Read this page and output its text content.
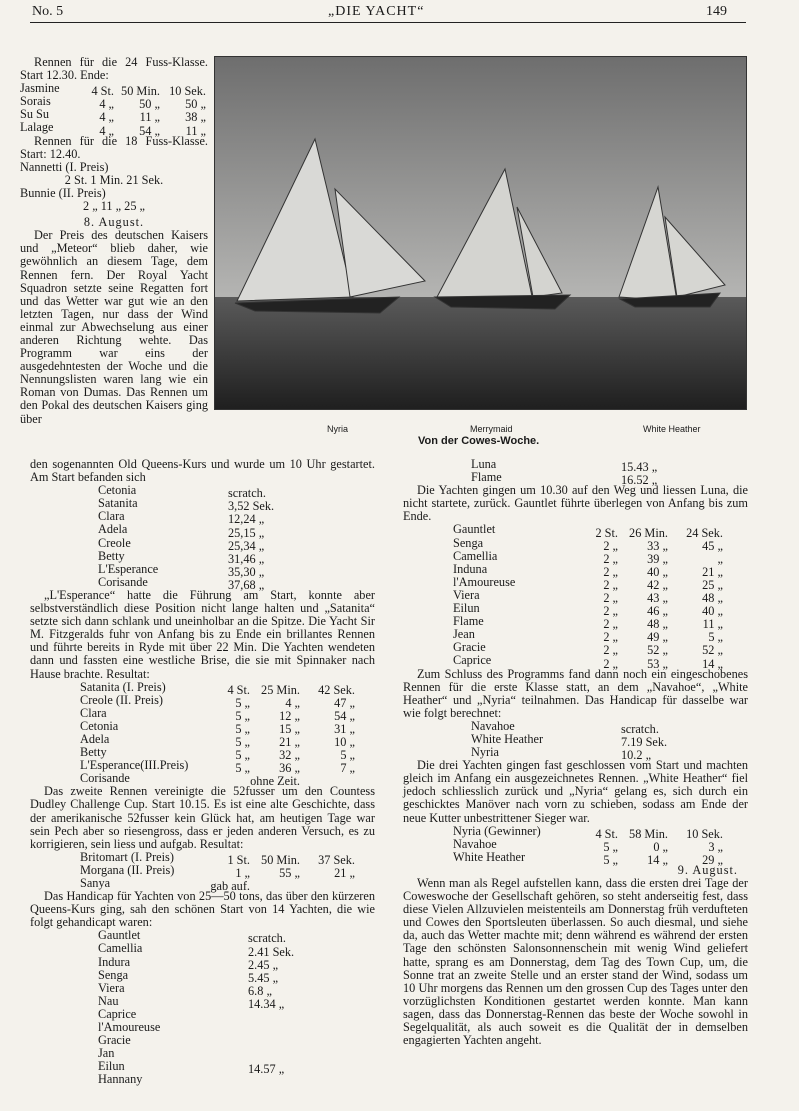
No. 5	„DIE YACHT“	149
Nyria	Merrymaid	White Heather
Von der Cowes-Woche.

Rennen für die 24 Fuss-Klasse. Start 12.30. Ende:

Jasmine	4 St. 50 Min. 10 Sek.
Sorais	4 „ 50 „ 50 „
Su Su	4 „ 11 „ 38 „
Lalage	4 „ 54 „ 11 „

Rennen für die 18 Fuss-Klasse. Start: 12.40.

Nannetti (I. Preis)
2 St. 1 Min. 21 Sek.
Bunnie (II. Preis)
2 „ 11 „ 25 „
8. August.

Der Preis des deutschen Kaisers und „Meteor“ blieb daher, wie gewöhnlich an diesem Tage, dem Rennen fern. Der Royal Yacht Squadron setzte seine Regatten fort und das Wetter war gut wie an den letzten Tagen, nur dass der Wind einmal zur Abwechselung aus einer anderen Richtung wehte. Das Programm war eins der ausgedehntesten der Woche und die Nennungslisten waren lang wie ein Roman von Dumas. Das Rennen um den Pokal des deutschen Kaisers ging über

den sogenannten Old Queens-Kurs und wurde um 10 Uhr gestartet. Am Start befanden sich

Cetonia	scratch.
Satanita	3,52 Sek.
Clara	12,24 „
Adela	25,15 „
Creole	25,34 „
Betty	31,46 „
L'Esperance	35,30 „
Corisande	37,68 „

„L'Esperance“ hatte die Führung am Start, konnte aber selbstverständlich diese Position nicht lange halten und „Satanita“ setzte sich dann schlank und uneinholbar an die Spitze. Die Yacht Sir M. Fitzgeralds fuhr von Anfang bis zu Ende ein brillantes Rennen und führte bereits in Ryde mit über 22 Min. Die Yachten wendeten dann und fassten eine westliche Brise, die sie mit Spinnaker nach Hause brachte. Resultat:

Satanita (I. Preis)	4 St. 25 Min. 42 Sek.
Creole (II. Preis)	5 „	4 „	47 „
Clara	5 „ 12 „	54 „
Cetonia	5 „ 15 „	31 „
Adela	5 „ 21 „	10 „
Betty	5 „ 32 „	5 „
L'Esperance(III.Preis)	5 „ 36 „	7 „
Corisande	ohne Zeit.

Das zweite Rennen vereinigte die 52fusser um den Countess Dudley Challenge Cup. Start 10.15. Es ist eine alte Geschichte, dass der amerikanische 52fusser kein Glück hat, am heutigen Tage war sein Pech aber so riesengross, dass er jeden anderen Versuch, es zu korrigieren, sein liess und aufgab. Resultat:

Britomart (I. Preis)	1 St. 50 Min. 37 Sek.
Morgana (II. Preis)	1 „ 55 „	21 „
Sanya	gab auf.

Das Handicap für Yachten von 25—50 tons, das über den kürzeren Queens-Kurs ging, sah den schönen Start von 14 Yachten, die wie folgt gehandicapt waren:

Gauntlet	scratch.
Camellia	2.41 Sek.
Indura	2.45 „
Senga	5.45 „
Viera	6.8 „
Nau	14.34 „
Caprice
l'Amoureuse
Gracie
Jan
Eilun	14.57 „
Hannany
Luna	15.43 „
Flame	16.52 „

Die Yachten gingen um 10.30 auf den Weg und liessen Luna, die nicht startete, zurück. Gauntlet führte überlegen von Anfang bis zum Ende.

Gauntlet	2 St. 26 Min. 24 Sek.
Senga	2 „ 33 „	45 „
Camellia	2 „ 39 „	„
Induna	2 „ 40 „	21 „
l'Amoureuse	2 „ 42 „	25 „
Viera	2 „ 43 „	48 „
Eilun	2 „ 46 „	40 „
Flame	2 „ 48 „	11 „
Jean	2 „ 49 „	5 „
Gracie	2 „ 52 „	52 „
Caprice	2 „ 53 „	14 „

Zum Schluss des Programms fand dann noch ein eingeschobenes Rennen für die erste Klasse statt, an dem „Navahoe“, „White Heather“ und „Nyria“ teilnahmen. Das Handicap für dasselbe war wie folgt berechnet:

Navahoe	scratch.
White Heather	7.19 Sek.
Nyria	10.2 „

Die drei Yachten gingen fast geschlossen vom Start und machten gleich im Anfang ein ausgezeichnetes Rennen. „White Heather“ fiel jedoch schliesslich zurück und „Nyria“ gelang es, sich durch ein geschicktes Manöver nach vorn zu schieben, sodass am Ende der neue Kutter unbestrittener Sieger war.

Nyria (Gewinner)	4 St. 58 Min. 10 Sek.
Navahoe	5 „	0 „	3 „
White Heather	5 „ 14 „	29 „
9. August.

Wenn man als Regel aufstellen kann, dass die ersten drei Tage der Coweswoche der Gesellschaft gehören, so steht anderseitig fest, dass diese Vielen Allzuvielen meistenteils am Donnerstag früh verdufteten und Cowes den Sportsleuten überlassen. So auch diesmal, und siehe da, auch das Wetter machte mit; denn während es während der ersten Tage den schönsten Salonsonnenschein mit wenig Wind geliefert hatte, sprang es am Donnerstag, dem Tag des Town Cup, um, die Sonne trat an zweite Stelle und an erster stand der Wind, sodass um 10 Uhr morgens das Rennen um den grossen Cup des Tages unter den vorzüglichsten Konditionen gestartet werden konnte. Man kann sagen, dass das Donnerstag-Rennen das beste der Woche sowohl in Segelqualität, als auch soweit es die Qualität der in demselben engagierten Yachten angeht.
